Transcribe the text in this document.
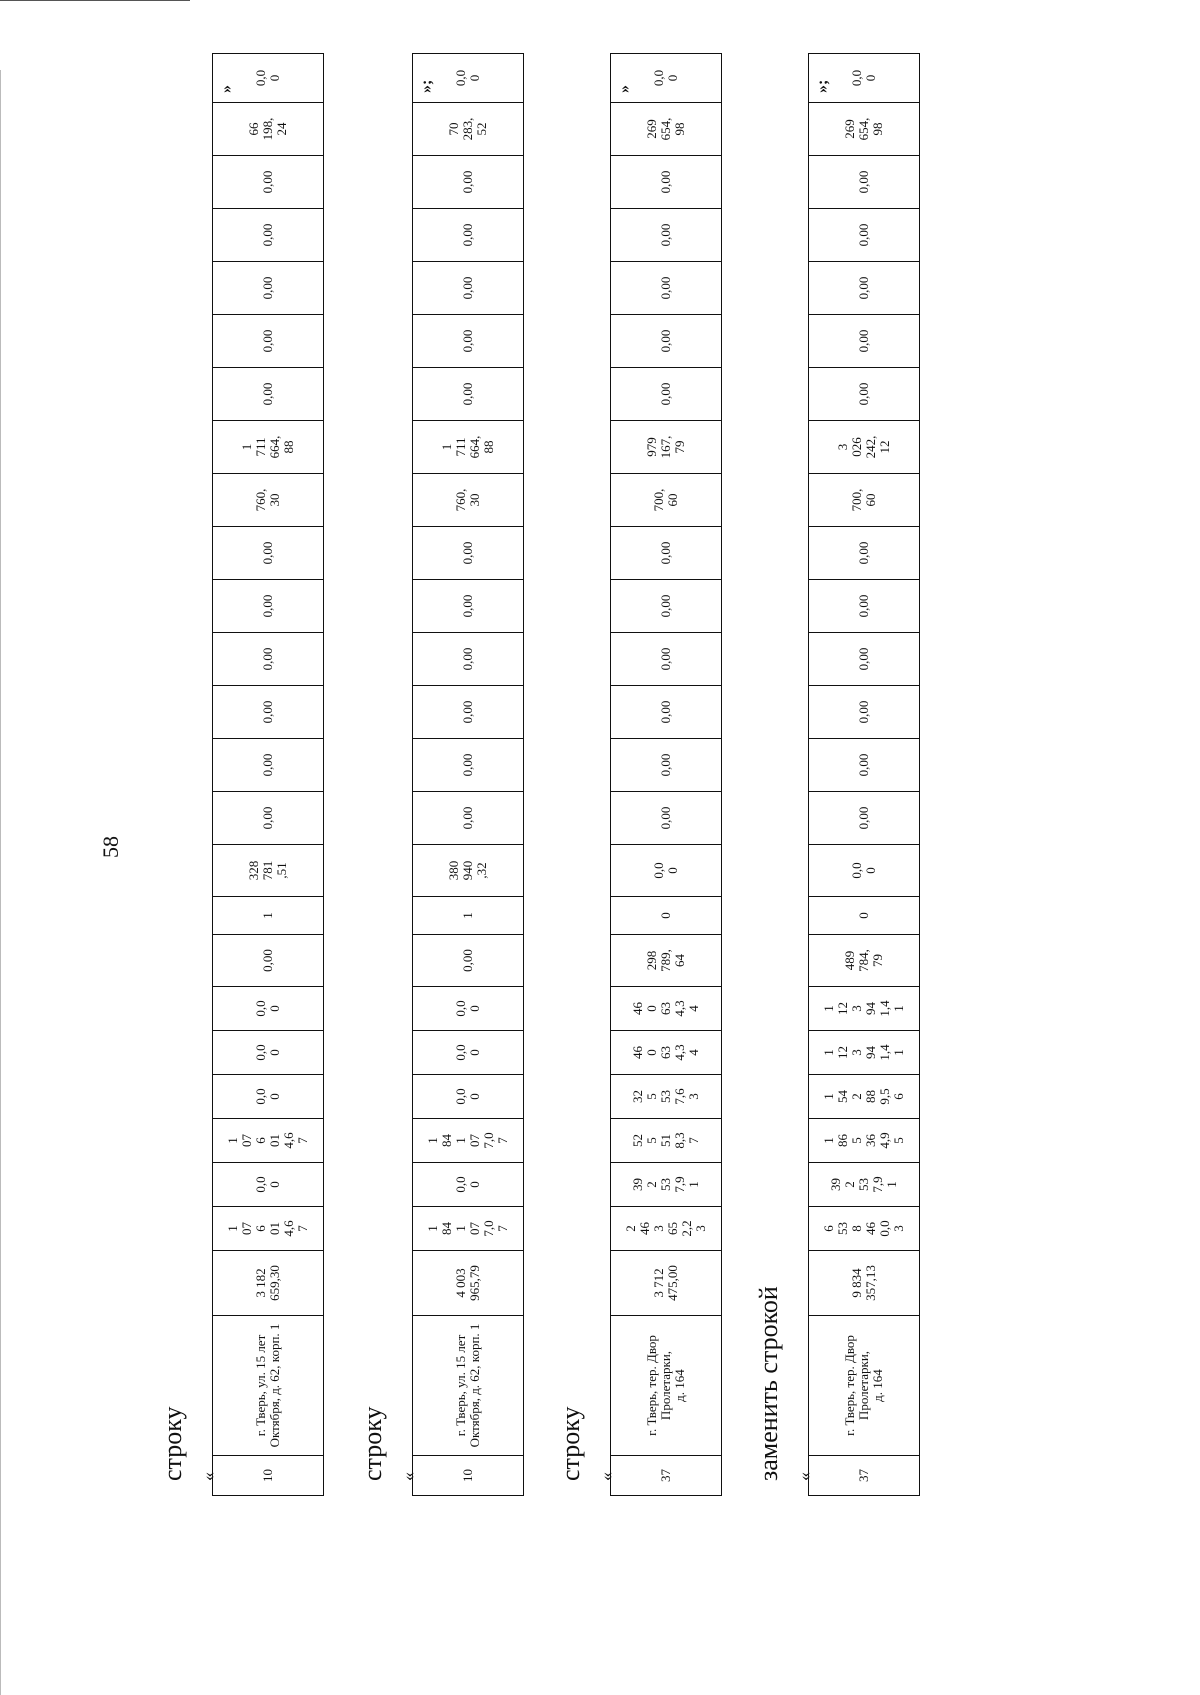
58
строку «	10	г. Тверь, ул. 15 лет
Октября, д. 62, корп. 1	3 182
659,30	1
07
6
01
4,6
7	0,0
0	1
07
6
01
4,6
7	0,0
0	0,0
0	0,0
0	0,00	1	328
781
,51	0,00	0,00	0,00	0,00	0,00	0,00	760,
30	1
711
664,
88	0,00	0,00	0,00	0,00	0,00	66
198,
24	0,0
0
»
строку «	10	г. Тверь, ул. 15 лет
Октября, д. 62, корп. 1	4 003
965,79	1
84
1
07
7,0
7	0,0
0	1
84
1
07
7,0
7	0,0
0	0,0
0	0,0
0	0,00	1	380
940
,32	0,00	0,00	0,00	0,00	0,00	0,00	760,
30	1
711
664,
88	0,00	0,00	0,00	0,00	0,00	70
283,
52	0,0
0
»;
строку «	37	г. Тверь, тер. Двор
Пролетарки,
д. 164	3 712
475,00	2
46
3
65
2,2
3	39
2
53
7,9
1	52
5
51
8,3
7	32
5
53
7,6
3	46
0
63
4,3
4	46
0
63
4,3
4	298
789,
64	0	0,0
0	0,00	0,00	0,00	0,00	0,00	0,00	700,
60	979
167,
79	0,00	0,00	0,00	0,00	0,00	269
654,
98	0,0
0
»
заменить строкой «	37	г. Тверь, тер. Двор
Пролетарки,
д. 164	9 834
357,13	6
53
8
46
0,0
3	39
2
53
7,9
1	1
86
5
36
4,9
5	1
54
2
88
9,5
6	1
12
3
94
1,4
1	1
12
3
94
1,4
1	489
784,
79	0	0,0
0	0,00	0,00	0,00	0,00	0,00	0,00	700,
60	3
026
242,
12	0,00	0,00	0,00	0,00	0,00	269
654,
98	0,0
0
»;
